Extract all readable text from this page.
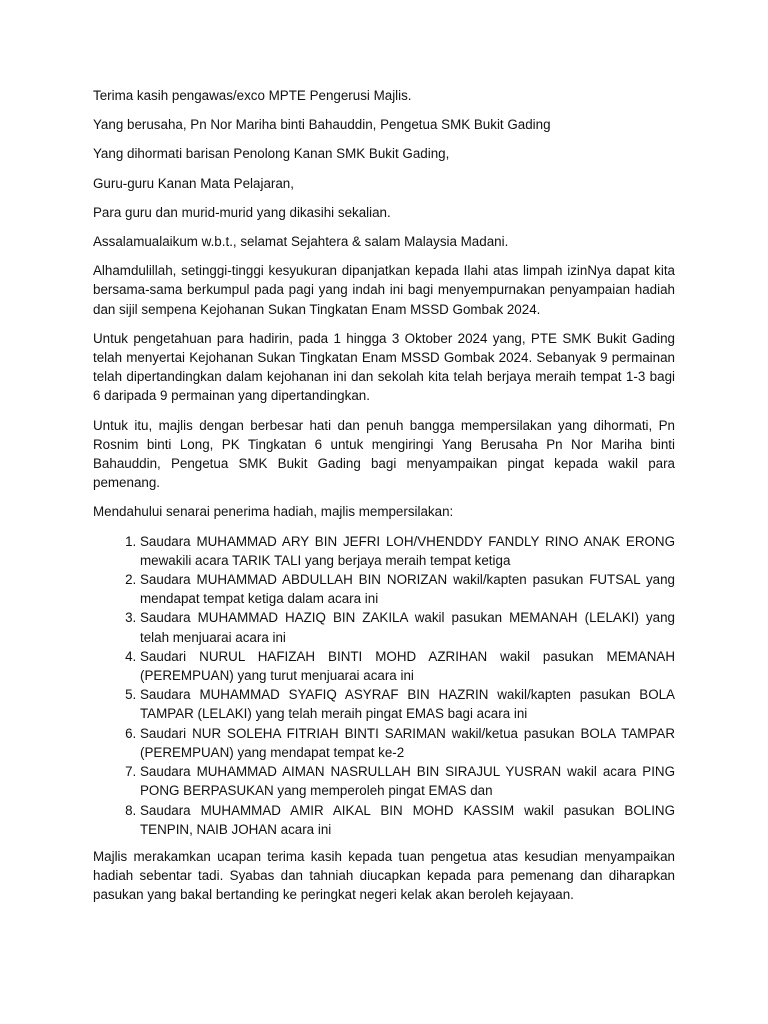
Terima kasih pengawas/exco MPTE Pengerusi Majlis.

Yang berusaha, Pn Nor Mariha binti Bahauddin, Pengetua SMK Bukit Gading

Yang dihormati barisan Penolong Kanan SMK Bukit Gading,

Guru-guru Kanan Mata Pelajaran,

Para guru dan murid-murid yang dikasihi sekalian.

Assalamualaikum w.b.t., selamat Sejahtera & salam Malaysia Madani.

Alhamdulillah, setinggi-tinggi kesyukuran dipanjatkan kepada Ilahi atas limpah izinNya dapat kita bersama-sama berkumpul pada pagi yang indah ini bagi menyempurnakan penyampaian hadiah dan sijil sempena Kejohanan Sukan Tingkatan Enam MSSD Gombak 2024.

Untuk pengetahuan para hadirin, pada 1 hingga 3 Oktober 2024 yang, PTE SMK Bukit Gading telah menyertai Kejohanan Sukan Tingkatan Enam MSSD Gombak 2024. Sebanyak 9 permainan telah dipertandingkan dalam kejohanan ini dan sekolah kita telah berjaya meraih tempat 1-3 bagi 6 daripada 9 permainan yang dipertandingkan.

Untuk itu, majlis dengan berbesar hati dan penuh bangga mempersilakan yang dihormati, Pn Rosnim binti Long, PK Tingkatan 6 untuk mengiringi Yang Berusaha Pn Nor Mariha binti Bahauddin, Pengetua SMK Bukit Gading bagi menyampaikan pingat kepada wakil para pemenang.

Mendahului senarai penerima hadiah, majlis mempersilakan:

1. Saudara MUHAMMAD ARY BIN JEFRI LOH/VHENDDY FANDLY RINO ANAK ERONG mewakili acara TARIK TALI yang berjaya meraih tempat ketiga
2. Saudara MUHAMMAD ABDULLAH BIN NORIZAN wakil/kapten pasukan FUTSAL yang mendapat tempat ketiga dalam acara ini
3. Saudara MUHAMMAD HAZIQ BIN ZAKILA wakil pasukan MEMANAH (LELAKI) yang telah menjuarai acara ini
4. Saudari NURUL HAFIZAH BINTI MOHD AZRIHAN wakil pasukan MEMANAH (PEREMPUAN) yang turut menjuarai acara ini
5. Saudara MUHAMMAD SYAFIQ ASYRAF BIN HAZRIN wakil/kapten pasukan BOLA TAMPAR (LELAKI) yang telah meraih pingat EMAS bagi acara ini
6. Saudari NUR SOLEHA FITRIAH BINTI SARIMAN wakil/ketua pasukan BOLA TAMPAR (PEREMPUAN) yang mendapat tempat ke-2
7. Saudara MUHAMMAD AIMAN NASRULLAH BIN SIRAJUL YUSRAN wakil acara PING PONG BERPASUKAN yang memperoleh pingat EMAS dan
8. Saudara MUHAMMAD AMIR AIKAL BIN MOHD KASSIM wakil pasukan BOLING TENPIN, NAIB JOHAN acara ini

Majlis merakamkan ucapan terima kasih kepada tuan pengetua atas kesudian menyampaikan hadiah sebentar tadi. Syabas dan tahniah diucapkan kepada para pemenang dan diharapkan pasukan yang bakal bertanding ke peringkat negeri kelak akan beroleh kejayaan.
